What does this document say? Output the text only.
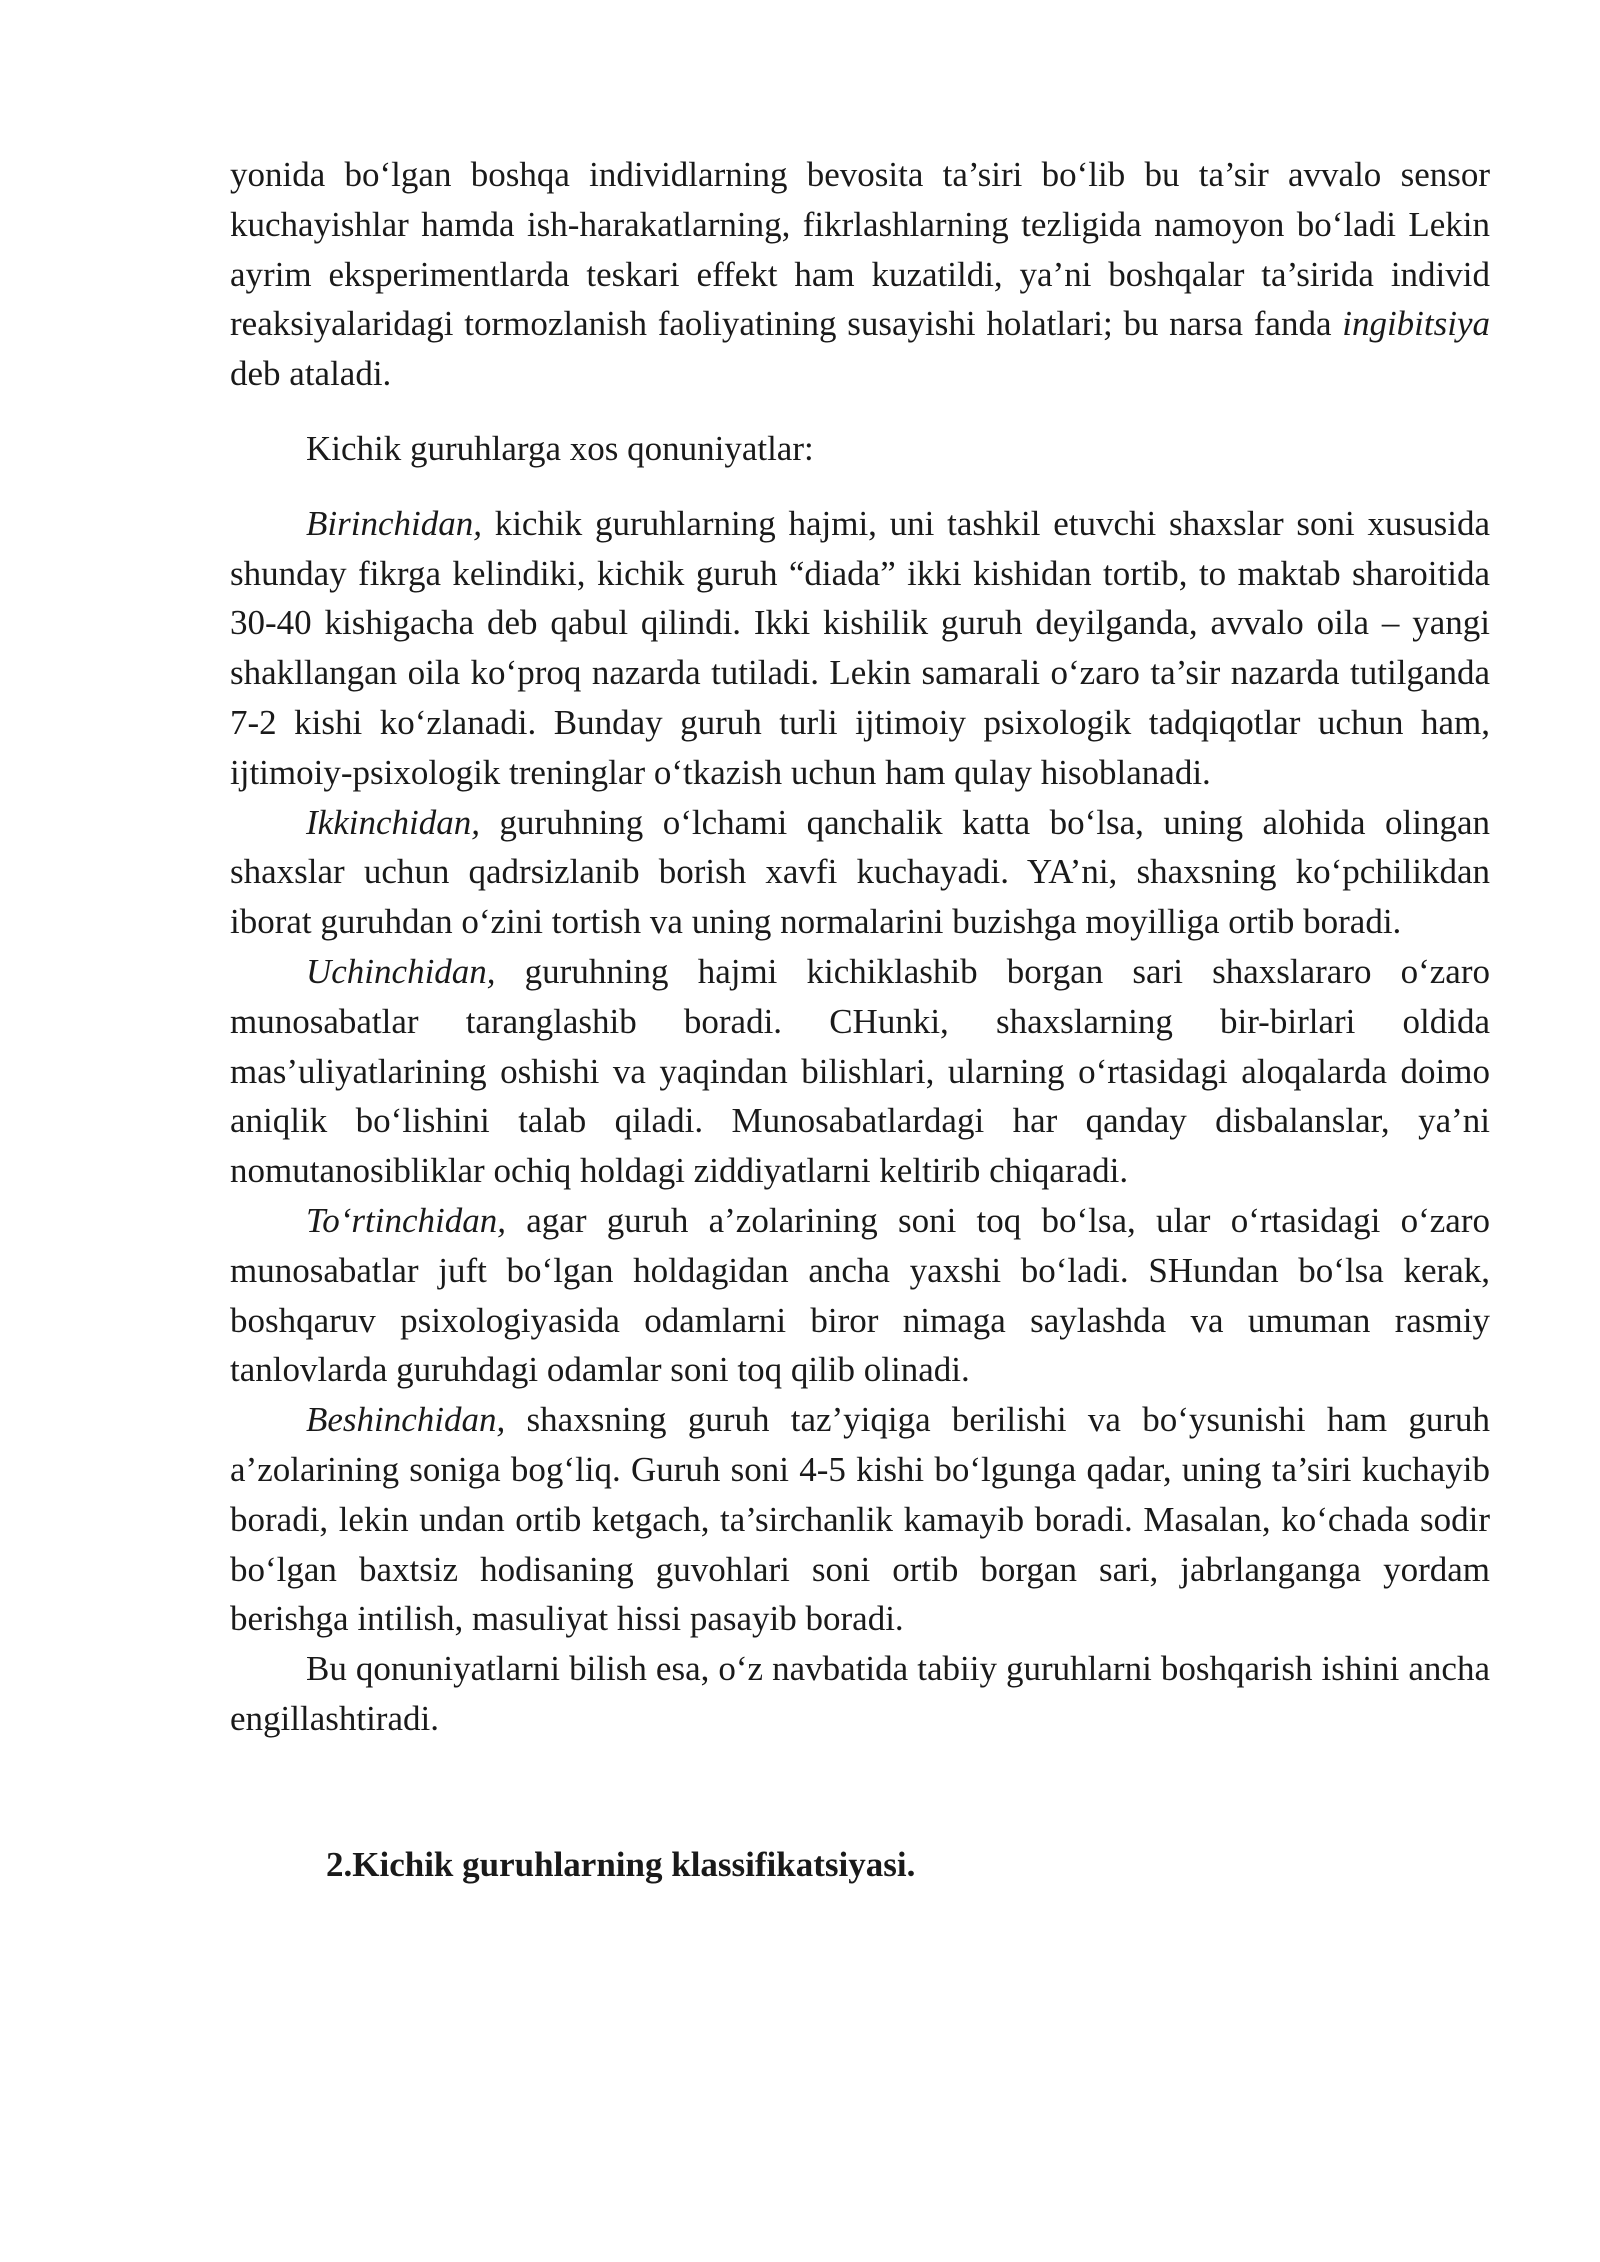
yonida bo‘lgan boshqa individlarning bevosita ta’siri bo‘lib bu ta’sir avvalo sensor kuchayishlar hamda ish-harakatlarning, fikrlashlarning tezligida namoyon bo‘ladi Lekin ayrim eksperimentlarda teskari effekt ham kuzatildi, ya’ni boshqalar ta’sirida individ reaksiyalaridagi tormozlanish faoliyatining susayishi holatlari; bu narsa fanda ingibitsiya deb ataladi.

Kichik guruhlarga xos qonuniyatlar:

Birinchidan, kichik guruhlarning hajmi, uni tashkil etuvchi shaxslar soni xususida shunday fikrga kelindiki, kichik guruh “diada” ikki kishidan tortib, to maktab sharoitida 30-40 kishigacha deb qabul qilindi. Ikki kishilik guruh deyilganda, avvalo oila – yangi shakllangan oila ko‘proq nazarda tutiladi. Lekin samarali o‘zaro ta’sir nazarda tutilganda 7-2 kishi ko‘zlanadi. Bunday guruh turli ijtimoiy psixologik tadqiqotlar uchun ham, ijtimoiy-psixologik treninglar o‘tkazish uchun ham qulay hisoblanadi.

Ikkinchidan, guruhning o‘lchami qanchalik katta bo‘lsa, uning alohida olingan shaxslar uchun qadrsizlanib borish xavfi kuchayadi. YA’ni, shaxsning ko‘pchilikdan iborat guruhdan o‘zini tortish va uning normalarini buzishga moyilliga ortib boradi.

Uchinchidan, guruhning hajmi kichiklashib borgan sari shaxslararo o‘zaro munosabatlar taranglashib boradi. CHunki, shaxslarning bir-birlari oldida mas’uliyatlarining oshishi va yaqindan bilishlari, ularning o‘rtasidagi aloqalarda doimo aniqlik bo‘lishini talab qiladi. Munosabatlardagi har qanday disbalanslar, ya’ni nomutanosibliklar ochiq holdagi ziddiyatlarni keltirib chiqaradi.

To‘rtinchidan, agar guruh a’zolarining soni toq bo‘lsa, ular o‘rtasidagi o‘zaro munosabatlar juft bo‘lgan holdagidan ancha yaxshi bo‘ladi. SHundan bo‘lsa kerak, boshqaruv psixologiyasida odamlarni biror nimaga saylashda va umuman rasmiy tanlovlarda guruhdagi odamlar soni toq qilib olinadi.

Beshinchidan, shaxsning guruh taz’yiqiga berilishi va bo‘ysunishi ham guruh a’zolarining soniga bog‘liq. Guruh soni 4-5 kishi bo‘lgunga qadar, uning ta’siri kuchayib boradi, lekin undan ortib ketgach, ta’sirchanlik kamayib boradi. Masalan, ko‘chada sodir bo‘lgan baxtsiz hodisaning guvohlari soni ortib borgan sari, jabrlanganga yordam berishga intilish, masuliyat hissi pasayib boradi.

Bu qonuniyatlarni bilish esa, o‘z navbatida tabiiy guruhlarni boshqarish ishini ancha engillashtiradi.

2.Kichik guruhlarning klassifikatsiyasi.
